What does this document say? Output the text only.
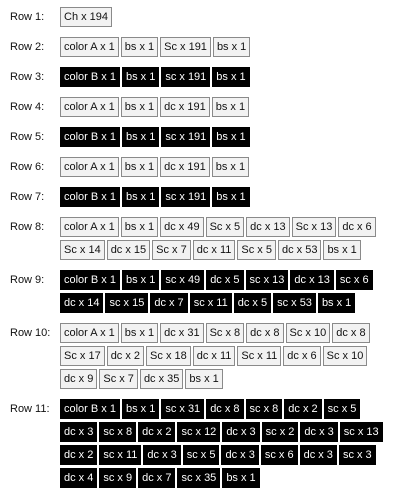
Row 1:	Ch x 194
Row 2:	color A x 1 bs x 1 Sc x 191 bs x 1
Row 3:	color B x 1 bs x 1 sc x 191 bs x 1
Row 4:	color A x 1 bs x 1 dc x 191 bs x 1
Row 5:	color B x 1 bs x 1 sc x 191 bs x 1
Row 6:	color A x 1 bs x 1 dc x 191 bs x 1
Row 7:	color B x 1 bs x 1 sc x 191 bs x 1
Row 8:	color A x 1 bs x 1 dc x 49 Sc x 5 dc x 13 Sc x 13 dc x 6
Sc x 14 dc x 15 Sc x 7 dc x 11 Sc x 5 dc x 53 bs x 1
Row 9:	color B x 1 bs x 1 sc x 49 dc x 5 sc x 13 dc x 13 sc x 6
dc x 14 sc x 15 dc x 7 sc x 11 dc x 5 sc x 53 bs x 1
Row 10:	color A x 1 bs x 1 dc x 31 Sc x 8 dc x 8 Sc x 10 dc x 8
Sc x 17 dc x 2 Sc x 18 dc x 11 Sc x 11 dc x 6 Sc x 10
dc x 9 Sc x 7 dc x 35 bs x 1
Row 11:	color B x 1 bs x 1 sc x 31 dc x 8 sc x 8 dc x 2 sc x 5
dc x 3 sc x 8 dc x 2 sc x 12 dc x 3 sc x 2 dc x 3 sc x 13
dc x 2 sc x 11 dc x 3 sc x 5 dc x 3 sc x 6 dc x 3 sc x 3
dc x 4 sc x 9 dc x 7 sc x 35 bs x 1
